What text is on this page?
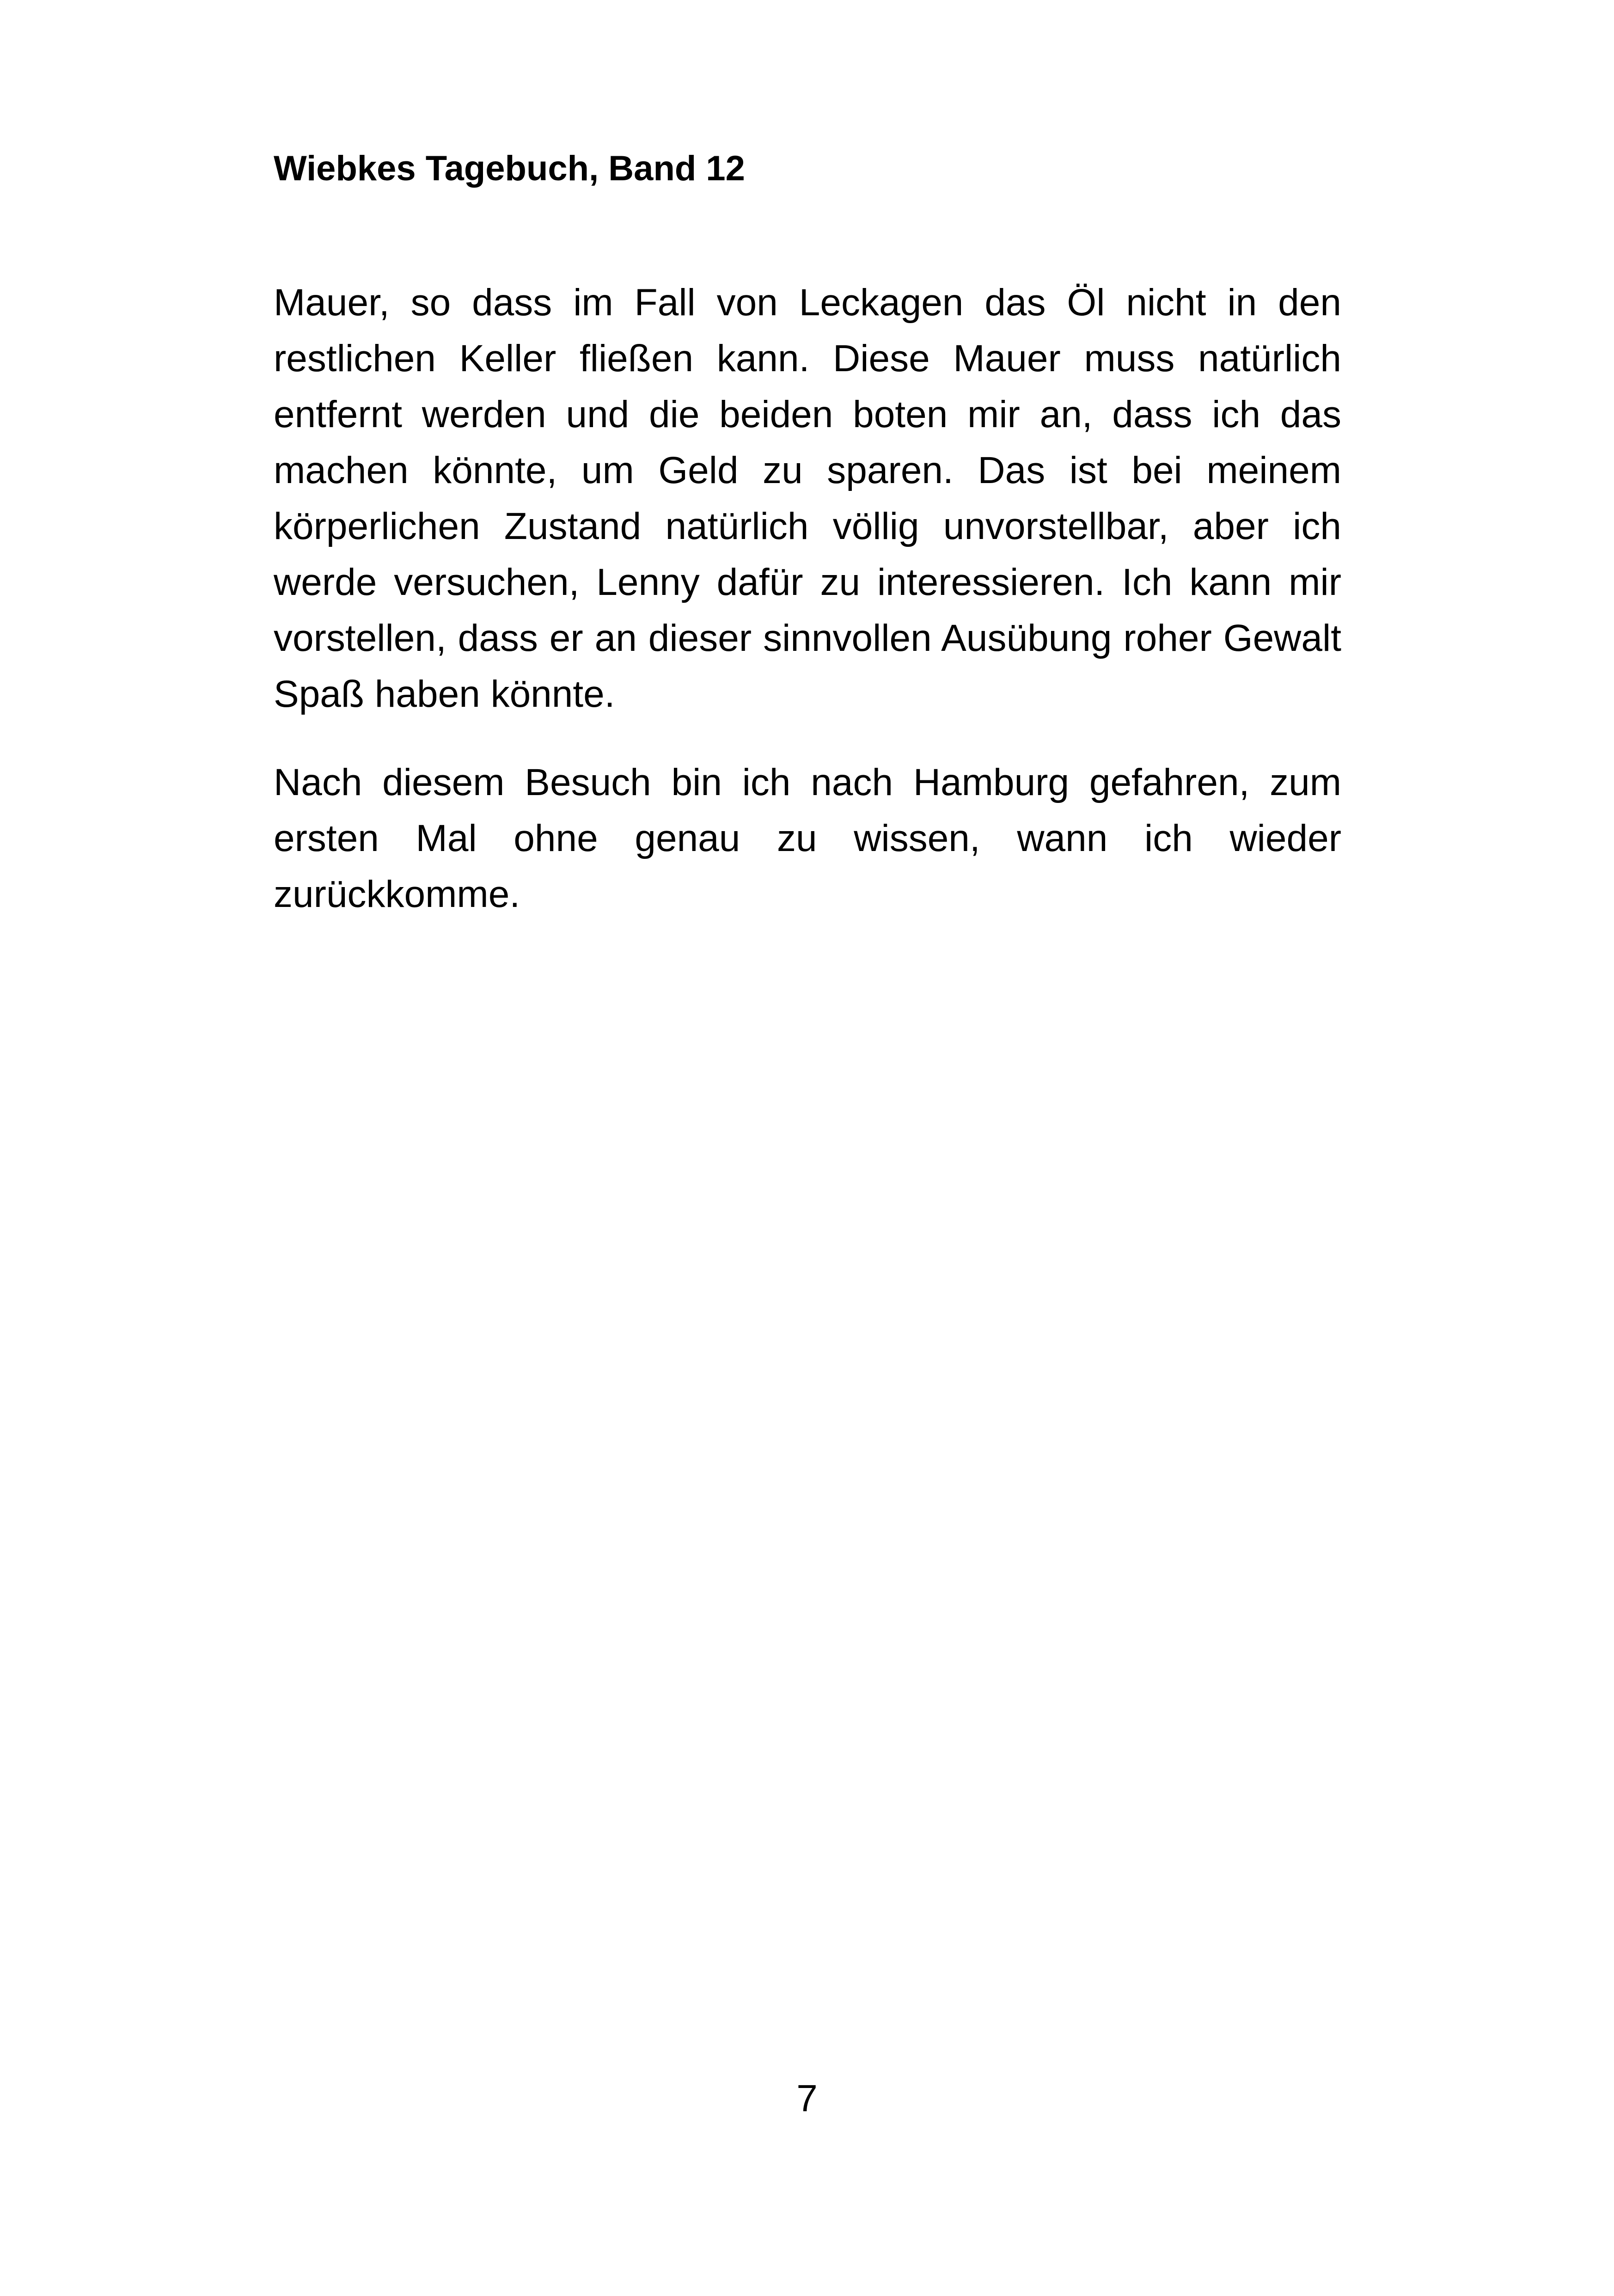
Wiebkes Tagebuch, Band 12

Mauer, so dass im Fall von Leckagen das Öl nicht in den restlichen Keller fließen kann. Diese Mauer muss natürlich entfernt werden und die beiden boten mir an, dass ich das machen könnte, um Geld zu sparen. Das ist bei meinem körperlichen Zustand natürlich völlig unvorstellbar, aber ich werde versuchen, Lenny dafür zu interessieren. Ich kann mir vorstellen, dass er an dieser sinnvollen Ausübung roher Gewalt Spaß haben könnte.

Nach diesem Besuch bin ich nach Hamburg gefahren, zum ersten Mal ohne genau zu wissen, wann ich wieder zurückkomme.

7
